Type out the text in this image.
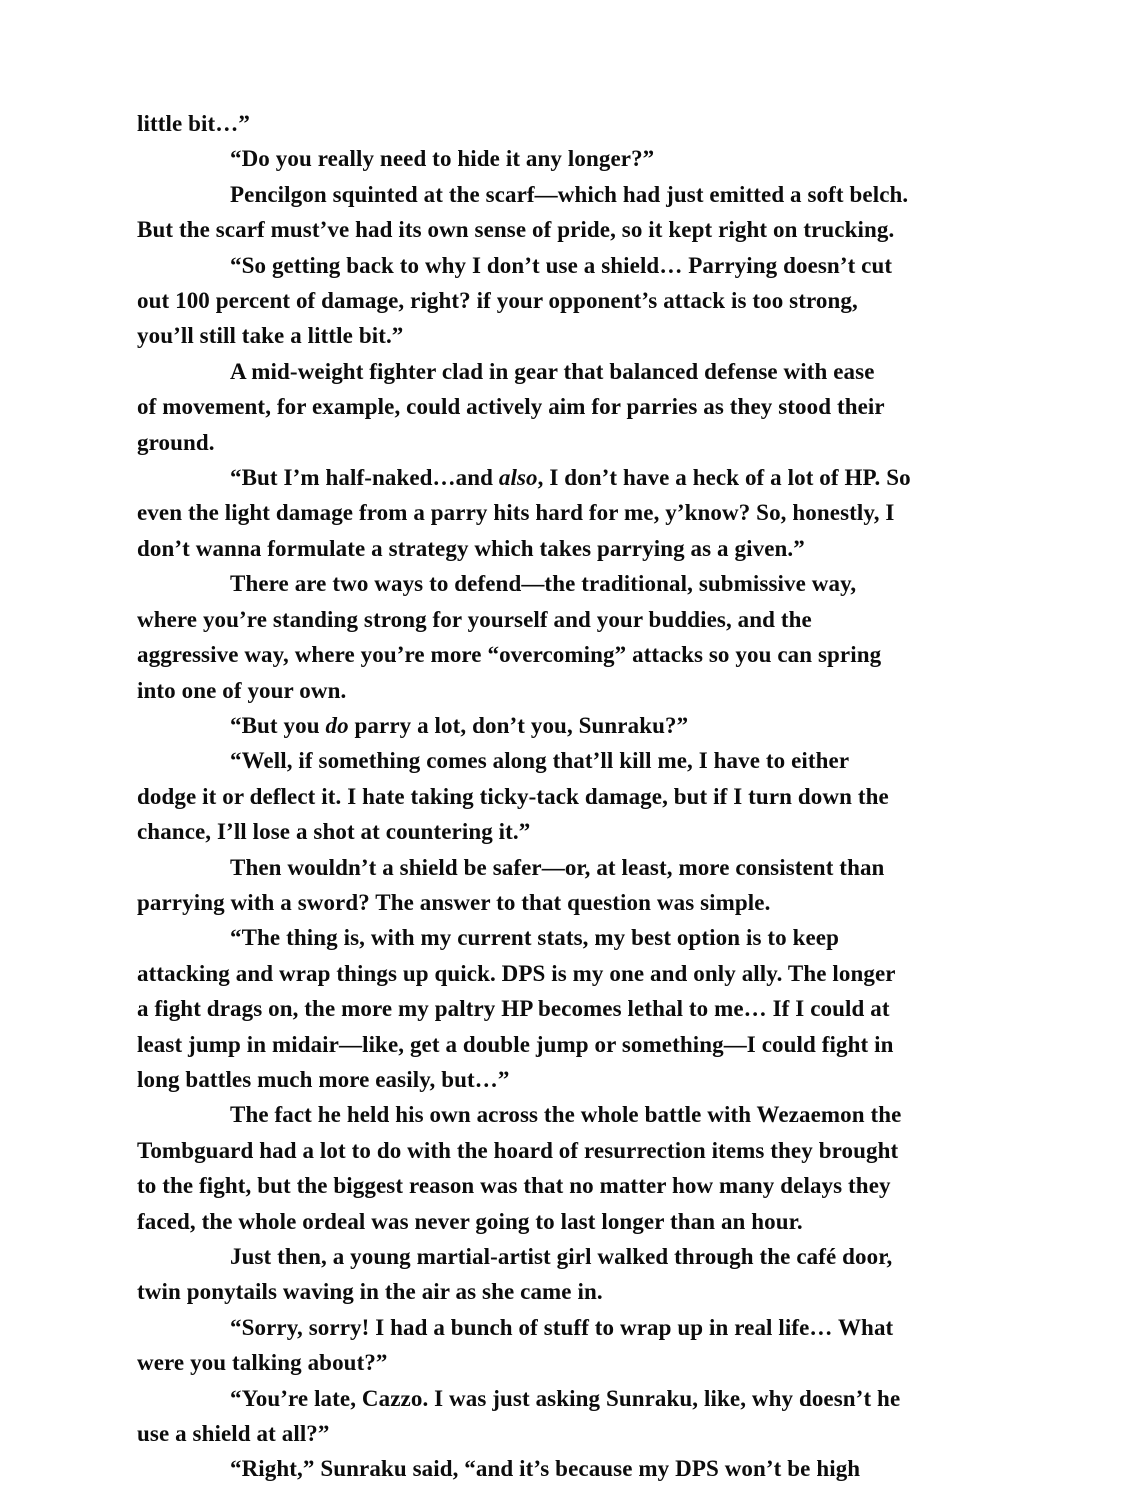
little bit…”
“Do you really need to hide it any longer?”
Pencilgon squinted at the scarf—which had just emitted a soft belch.
But the scarf must’ve had its own sense of pride, so it kept right on trucking.
“So getting back to why I don’t use a shield… Parrying doesn’t cut
out 100 percent of damage, right? if your opponent’s attack is too strong,
you’ll still take a little bit.”
A mid-weight fighter clad in gear that balanced defense with ease
of movement, for example, could actively aim for parries as they stood their
ground.
“But I’m half-naked…and also, I don’t have a heck of a lot of HP. So
even the light damage from a parry hits hard for me, y’know? So, honestly, I
don’t wanna formulate a strategy which takes parrying as a given.”
There are two ways to defend—the traditional, submissive way,
where you’re standing strong for yourself and your buddies, and the
aggressive way, where you’re more “overcoming” attacks so you can spring
into one of your own.
“But you do parry a lot, don’t you, Sunraku?”
“Well, if something comes along that’ll kill me, I have to either
dodge it or deflect it. I hate taking ticky-tack damage, but if I turn down the
chance, I’ll lose a shot at countering it.”
Then wouldn’t a shield be safer—or, at least, more consistent than
parrying with a sword? The answer to that question was simple.
“The thing is, with my current stats, my best option is to keep
attacking and wrap things up quick. DPS is my one and only ally. The longer
a fight drags on, the more my paltry HP becomes lethal to me… If I could at
least jump in midair—like, get a double jump or something—I could fight in
long battles much more easily, but…”
The fact he held his own across the whole battle with Wezaemon the
Tombguard had a lot to do with the hoard of resurrection items they brought
to the fight, but the biggest reason was that no matter how many delays they
faced, the whole ordeal was never going to last longer than an hour.
Just then, a young martial-artist girl walked through the café door,
twin ponytails waving in the air as she came in.
“Sorry, sorry! I had a bunch of stuff to wrap up in real life… What
were you talking about?”
“You’re late, Cazzo. I was just asking Sunraku, like, why doesn’t he
use a shield at all?”
“Right,” Sunraku said, “and it’s because my DPS won’t be high
